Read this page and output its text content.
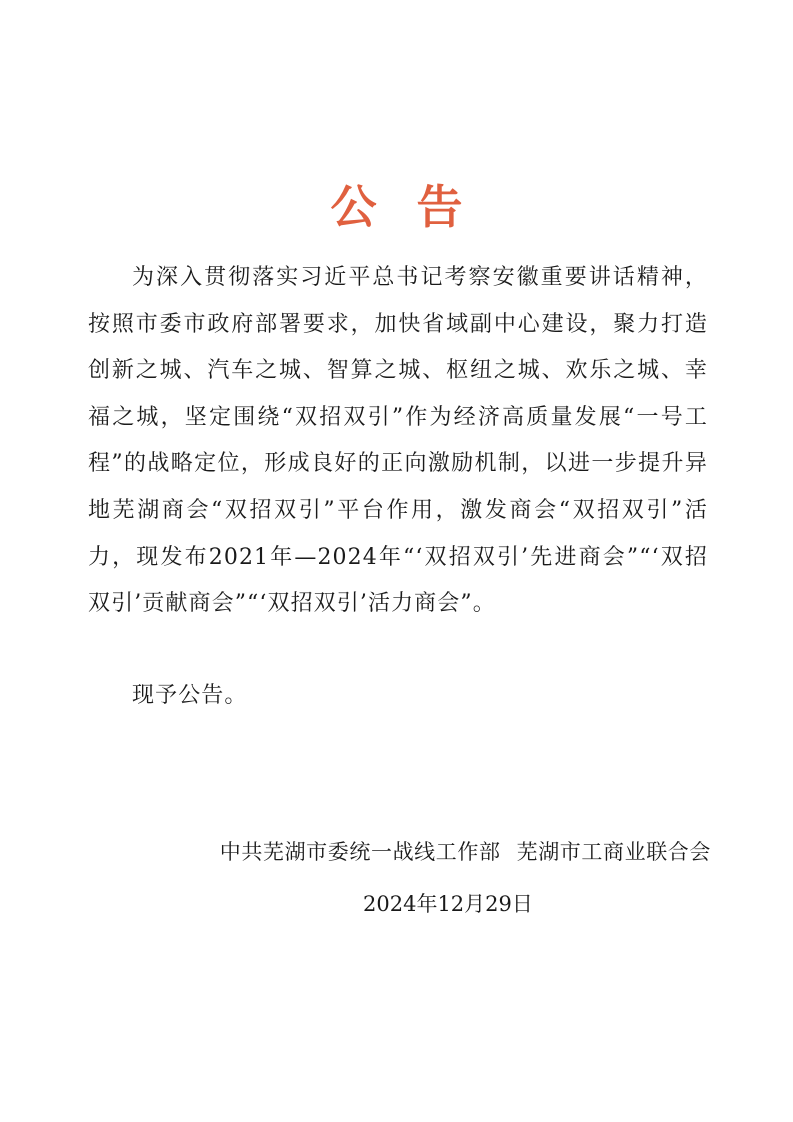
公告

为深入贯彻落实习近平总书记考察安徽重要讲话精神，按照市委市政府部署要求，加快省域副中心建设，聚力打造创新之城、汽车之城、智算之城、枢纽之城、欢乐之城、幸福之城，坚定围绕“双招双引”作为经济高质量发展“一号工程”的战略定位，形成良好的正向激励机制，以进一步提升异地芜湖商会“双招双引”平台作用，激发商会“双招双引”活力，现发布2021年—2024年“‘双招双引’先进商会”“‘双招双引’贡献商会”“‘双招双引’活力商会”。

现予公告。

中共芜湖市委统一战线工作部 芜湖市工商业联合会

2024年12月29日
